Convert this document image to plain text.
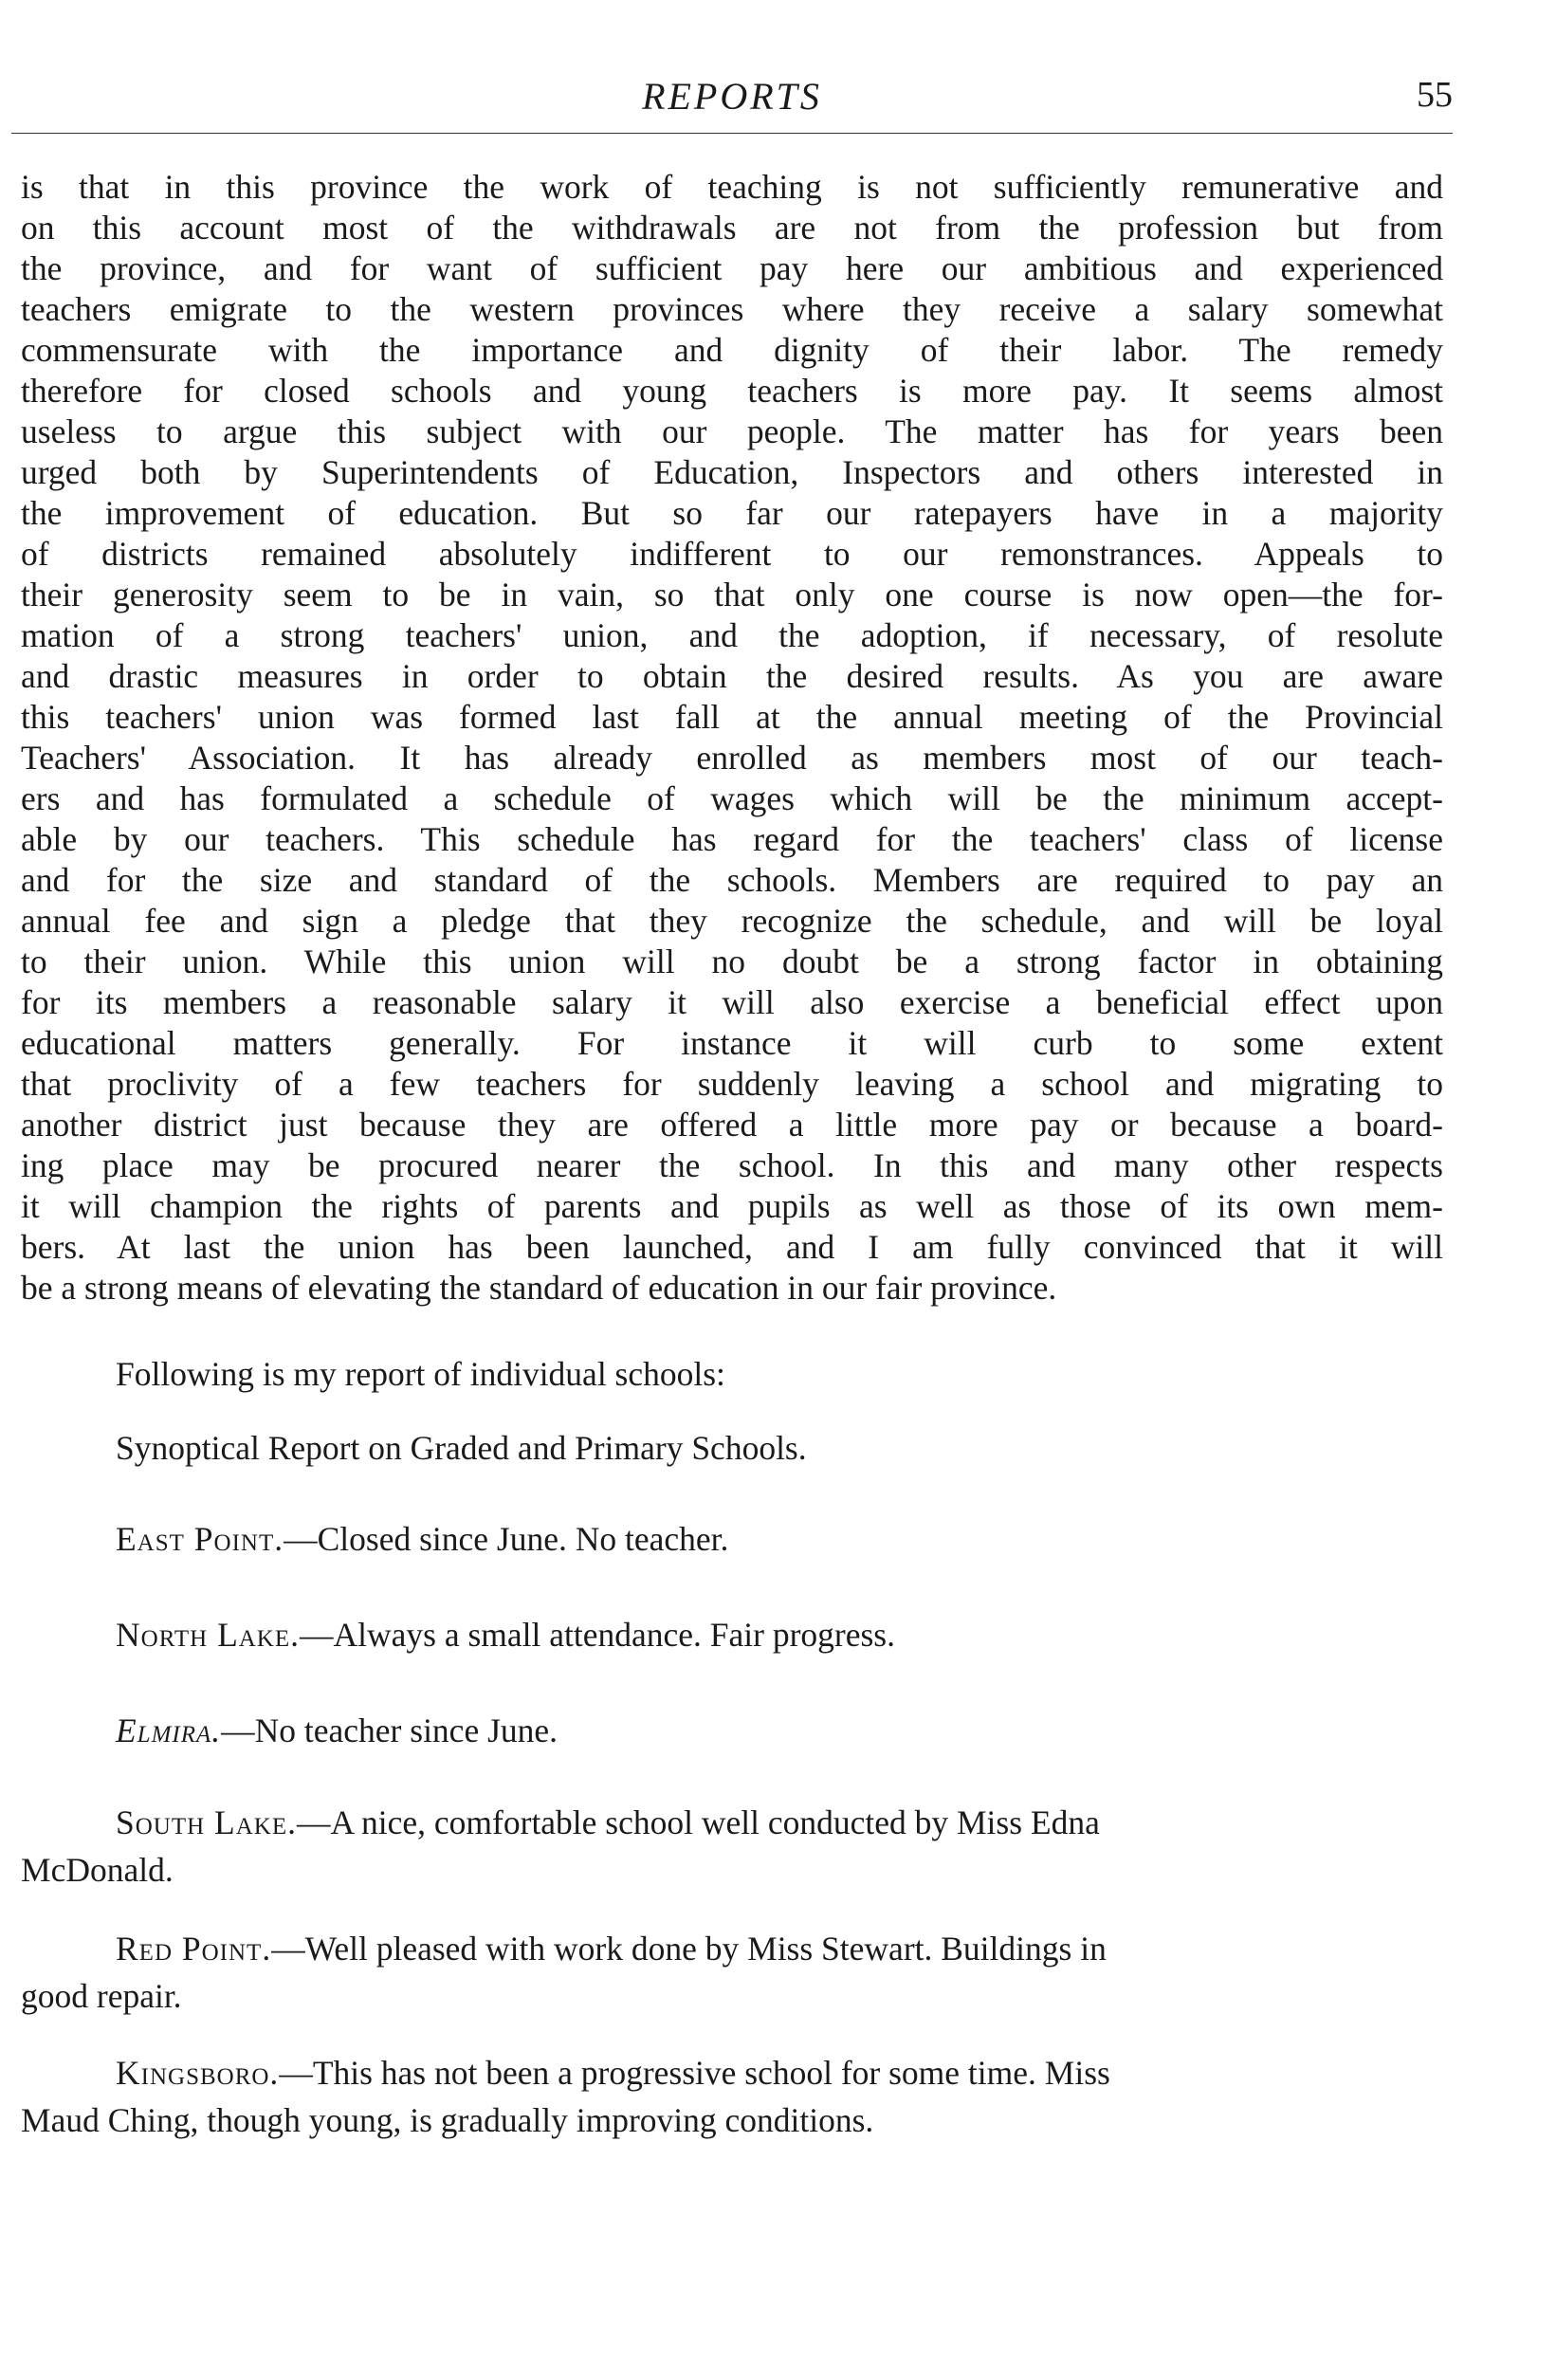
REPORTS	55

is that in this province the work of teaching is not sufficiently remunerative and
on this account most of the withdrawals are not from the profession but from
the province, and for want of sufficient pay here our ambitious and experienced
teachers emigrate to the western provinces where they receive a salary somewhat
commensurate with the importance and dignity of their labor. The remedy
therefore for closed schools and young teachers is more pay. It seems almost
useless to argue this subject with our people. The matter has for years been
urged both by Superintendents of Education, Inspectors and others interested in
the improvement of education. But so far our ratepayers have in a majority
of districts remained absolutely indifferent to our remonstrances. Appeals to
their generosity seem to be in vain, so that only one course is now open—the for-
mation of a strong teachers' union, and the adoption, if necessary, of resolute
and drastic measures in order to obtain the desired results. As you are aware
this teachers' union was formed last fall at the annual meeting of the Provincial
Teachers' Association. It has already enrolled as members most of our teach-
ers and has formulated a schedule of wages which will be the minimum accept-
able by our teachers. This schedule has regard for the teachers' class of license
and for the size and standard of the schools. Members are required to pay an
annual fee and sign a pledge that they recognize the schedule, and will be loyal
to their union. While this union will no doubt be a strong factor in obtaining
for its members a reasonable salary it will also exercise a beneficial effect upon
educational matters generally. For instance it will curb to some extent
that proclivity of a few teachers for suddenly leaving a school and migrating to
another district just because they are offered a little more pay or because a board-
ing place may be procured nearer the school. In this and many other respects
it will champion the rights of parents and pupils as well as those of its own mem-
bers. At last the union has been launched, and I am fully convinced that it will
be a strong means of elevating the standard of education in our fair province.

Following is my report of individual schools:

Synoptical Report on Graded and Primary Schools.

East Point.—Closed since June. No teacher.

North Lake.—Always a small attendance. Fair progress.

Elmira.—No teacher since June.

South Lake.—A nice, comfortable school well conducted by Miss Edna
McDonald.

Red Point.—Well pleased with work done by Miss Stewart. Buildings in
good repair.

Kingsboro.—This has not been a progressive school for some time. Miss
Maud Ching, though young, is gradually improving conditions.
